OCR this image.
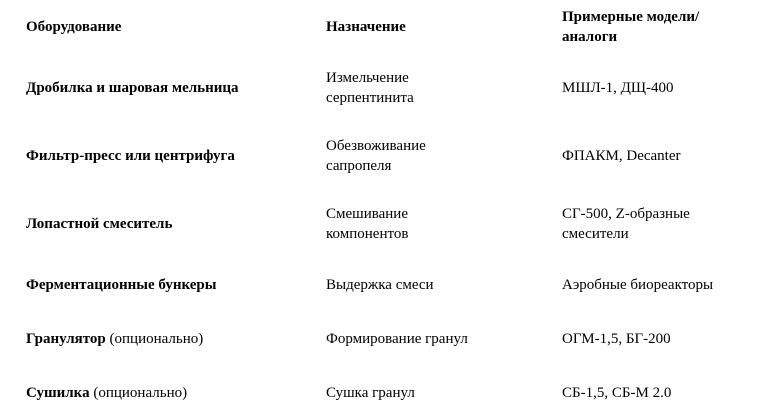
Оборудование	Назначение	Примерные модели/аналоги
Дробилка и шаровая мельница	Измельчение серпентинита	МШЛ-1, ДЩ-400
Фильтр-пресс или центрифуга	Обезвоживание сапропеля	ФПАКМ, Decanter
Лопастной смеситель	Смешивание компонентов	СГ-500, Z-образные смесители
Ферментационные бункеры	Выдержка смеси	Аэробные биореакторы
Гранулятор (опционально)	Формирование гранул	ОГМ-1,5, БГ-200
Сушилка (опционально)	Сушка гранул	СБ-1,5, СБ-М 2.0
